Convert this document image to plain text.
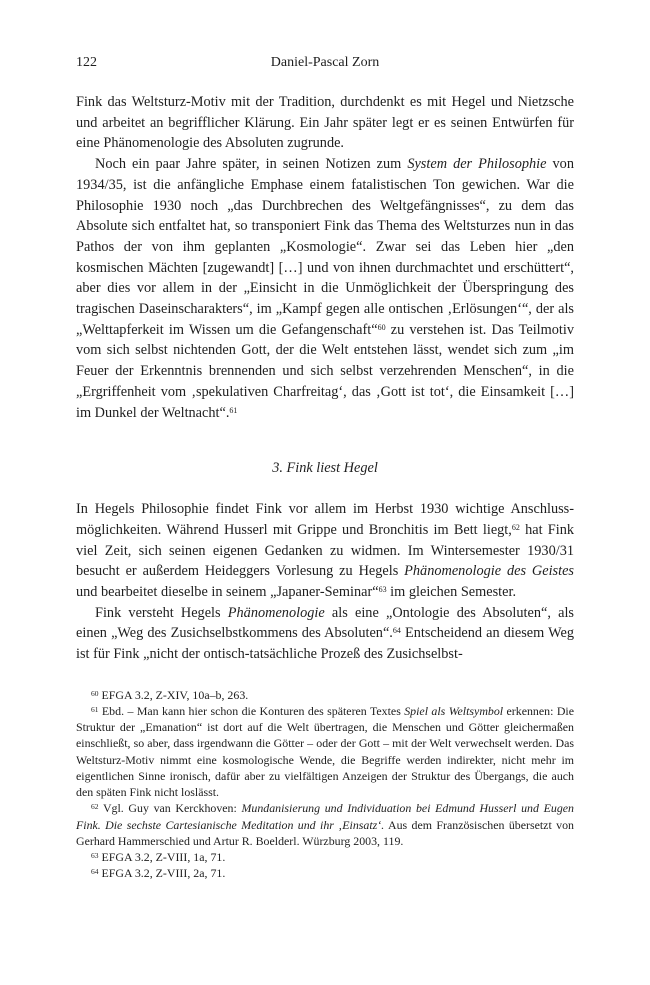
122	Daniel-Pascal Zorn

Fink das Weltsturz-Motiv mit der Tradition, durchdenkt es mit Hegel und Nietzsche und arbeitet an begrifflicher Klärung. Ein Jahr später legt er es seinen Entwürfen für eine Phänomenologie des Absoluten zugrunde.

Noch ein paar Jahre später, in seinen Notizen zum System der Philosophie von 1934/35, ist die anfängliche Emphase einem fatalistischen Ton gewichen. War die Philosophie 1930 noch „das Durchbrechen des Weltgefängnisses“, zu dem das Absolute sich entfaltet hat, so transponiert Fink das Thema des Weltsturzes nun in das Pathos der von ihm geplanten „Kosmologie“. Zwar sei das Leben hier „den kosmischen Mächten [zugewandt] […] und von ihnen durchmachtet und erschüttert“, aber dies vor allem in der „Einsicht in die Unmöglichkeit der Überspringung des tragischen Daseinscharakters“, im „Kampf gegen alle ontischen ‚Erlösungen‘“, der als „Welttapferkeit im Wissen um die Gefangenschaft“$^{60}$ zu verstehen ist. Das Teilmotiv vom sich selbst nichtenden Gott, der die Welt entstehen lässt, wendet sich zum „im Feuer der Erkenntnis brennenden und sich selbst verzehrenden Menschen“, in die „Ergriffenheit vom ‚spekulativen Charfreitag‘, das ‚Gott ist tot‘, die Einsamkeit […] im Dunkel der Weltnacht“.$^{61}$

3. Fink liest Hegel

In Hegels Philosophie findet Fink vor allem im Herbst 1930 wichtige Anschlussmöglichkeiten. Während Husserl mit Grippe und Bronchitis im Bett liegt,$^{62}$ hat Fink viel Zeit, sich seinen eigenen Gedanken zu widmen. Im Wintersemester 1930/31 besucht er außerdem Heideggers Vorlesung zu Hegels Phänomenologie des Geistes und bearbeitet dieselbe in seinem „Japaner-Seminar“$^{63}$ im gleichen Semester.

Fink versteht Hegels Phänomenologie als eine „Ontologie des Absoluten“, als einen „Weg des Zusichselbstkommens des Absoluten“.$^{64}$ Entscheidend an diesem Weg ist für Fink „nicht der ontisch-tatsächliche Prozeß des Zusichselbst-

$^{60}$ EFGA 3.2, Z-XIV, 10a–b, 263.

$^{61}$ Ebd. – Man kann hier schon die Konturen des späteren Textes Spiel als Weltsymbol erkennen: Die Struktur der „Emanation“ ist dort auf die Welt übertragen, die Menschen und Götter gleichermaßen einschließt, so aber, dass irgendwann die Götter – oder der Gott – mit der Welt verwechselt werden. Das Weltsturz-Motiv nimmt eine kosmologische Wende, die Begriffe werden indirekter, nicht mehr im eigentlichen Sinne ironisch, dafür aber zu vielfältigen Anzeigen der Struktur des Übergangs, die auch den späten Fink nicht loslässt.

$^{62}$ Vgl. Guy van Kerckhoven: Mundanisierung und Individuation bei Edmund Husserl und Eugen Fink. Die sechste Cartesianische Meditation und ihr ‚Einsatz‘. Aus dem Französischen übersetzt von Gerhard Hammerschied und Artur R. Boelderl. Würzburg 2003, 119.

$^{63}$ EFGA 3.2, Z-VIII, 1a, 71.

$^{64}$ EFGA 3.2, Z-VIII, 2a, 71.
